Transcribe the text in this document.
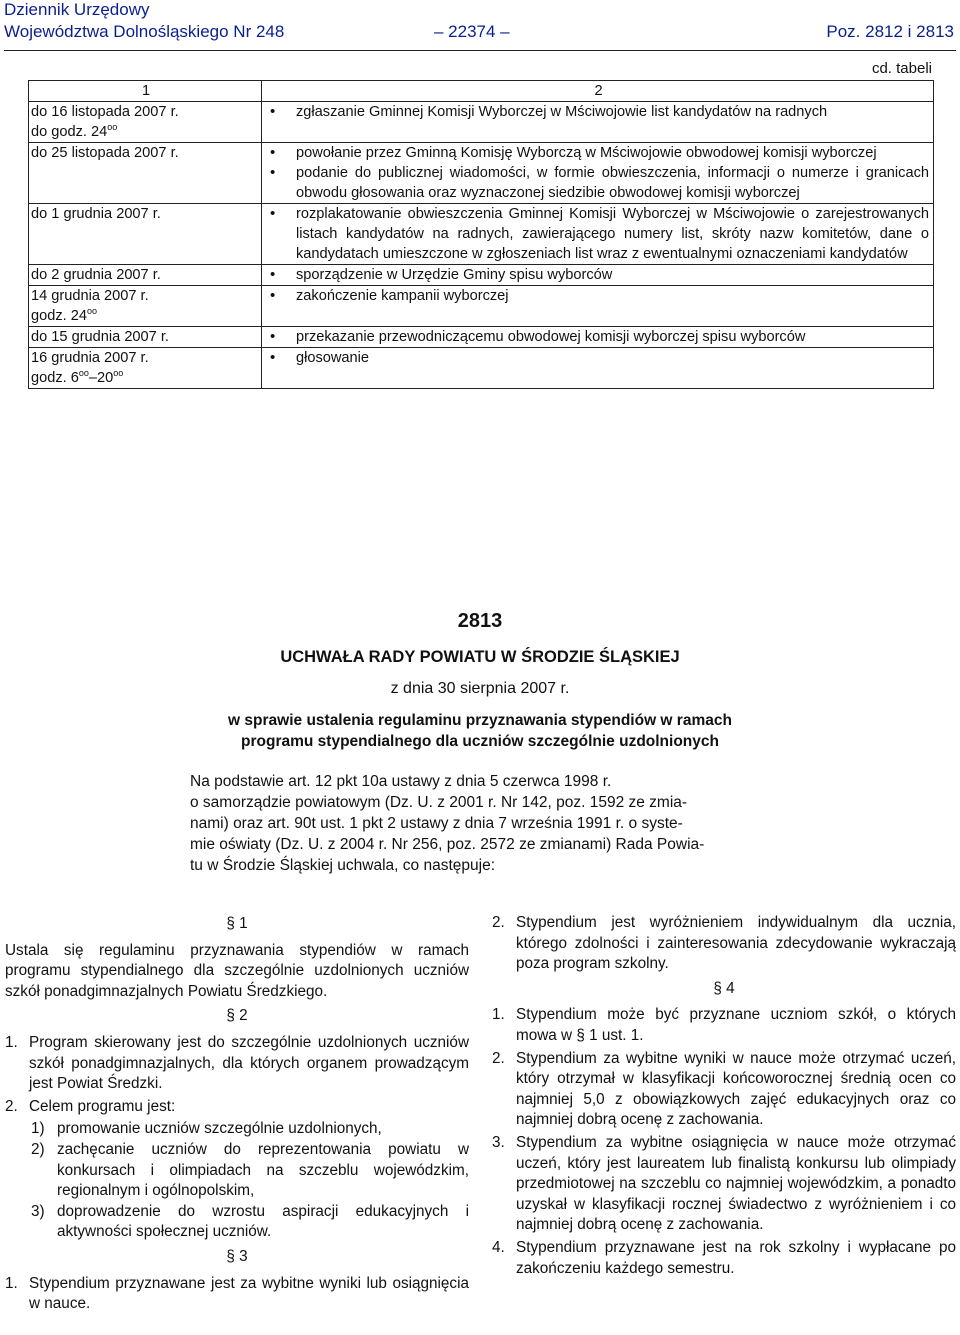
Dziennik Urzędowy
Województwa Dolnośląskiego Nr 248	– 22374 –	Poz. 2812 i 2813
cd. tabeli
1	2

do 16 listopada 2007 r.
do godz. $24^{oo}$	• zgłaszanie Gminnej Komisji Wyborczej w Mściwojowie list kandydatów na radnych

do 25 listopada 2007 r.	• powołanie przez Gminną Komisję Wyborczą w Mściwojowie obwodowej komisji wyborczej
• podanie do publicznej wiadomości, w formie obwieszczenia, informacji o numerze i granicach obwodu głosowania oraz wyznaczonej siedzibie obwodowej komisji wyborczej

do 1 grudnia 2007 r.	• rozplakatowanie obwieszczenia Gminnej Komisji Wyborczej w Mściwojowie o zarejestrowanych listach kandydatów na radnych, zawierającego numery list, skróty nazw komitetów, dane o kandydatach umieszczone w zgłoszeniach list wraz z ewentualnymi oznaczeniami kandydatów

do 2 grudnia 2007 r.	• sporządzenie w Urzędzie Gminy spisu wyborców

14 grudnia 2007 r.
godz. $24^{oo}$	• zakończenie kampanii wyborczej

do 15 grudnia 2007 r.	• przekazanie przewodniczącemu obwodowej komisji wyborczej spisu wyborców

16 grudnia 2007 r.
godz. $6^{oo}-20^{oo}$	• głosowanie
2813
UCHWAŁA RADY POWIATU W ŚRODZIE ŚLĄSKIEJ
z dnia 30 sierpnia 2007 r.
w sprawie ustalenia regulaminu przyznawania stypendiów w ramach
programu stypendialnego dla uczniów szczególnie uzdolnionych
Na podstawie art. 12 pkt 10a ustawy z dnia 5 czerwca 1998 r.
o samorządzie powiatowym (Dz. U. z 2001 r. Nr 142, poz. 1592 ze zmia-
nami) oraz art. 90t ust. 1 pkt 2 ustawy z dnia 7 września 1991 r. o syste-
mie oświaty (Dz. U. z 2004 r. Nr 256, poz. 2572 ze zmianami) Rada Powia-
tu w Środzie Śląskiej uchwala, co następuje:
§ 1
Ustala się regulaminu przyznawania stypendiów w ramach programu stypendialnego dla szczególnie uzdolnionych uczniów szkół ponadgimnazjalnych Powiatu Średzkiego.
§ 2
1. Program skierowany jest do szczególnie uzdolnionych uczniów szkół ponadgimnazjalnych, dla których organem prowadzącym jest Powiat Średzki.
2. Celem programu jest:
1) promowanie uczniów szczególnie uzdolnionych,
2) zachęcanie uczniów do reprezentowania powiatu w konkursach i olimpiadach na szczeblu wojewódzkim, regionalnym i ogólnopolskim,
3) doprowadzenie do wzrostu aspiracji edukacyjnych i aktywności społecznej uczniów.
§ 3
1. Stypendium przyznawane jest za wybitne wyniki lub osiągnięcia w nauce.
2. Stypendium jest wyróżnieniem indywidualnym dla ucznia, którego zdolności i zainteresowania zdecydowanie wykraczają poza program szkolny.
§ 4
1. Stypendium może być przyznane uczniom szkół, o których mowa w § 1 ust. 1.
2. Stypendium za wybitne wyniki w nauce może otrzymać uczeń, który otrzymał w klasyfikacji końcoworocznej średnią ocen co najmniej 5,0 z obowiązkowych zajęć edukacyjnych oraz co najmniej dobrą ocenę z zachowania.
3. Stypendium za wybitne osiągnięcia w nauce może otrzymać uczeń, który jest laureatem lub finalistą konkursu lub olimpiady przedmiotowej na szczeblu co najmniej wojewódzkim, a ponadto uzyskał w klasyfikacji rocznej świadectwo z wyróżnieniem i co najmniej dobrą ocenę z zachowania.
4. Stypendium przyznawane jest na rok szkolny i wypłacane po zakończeniu każdego semestru.
